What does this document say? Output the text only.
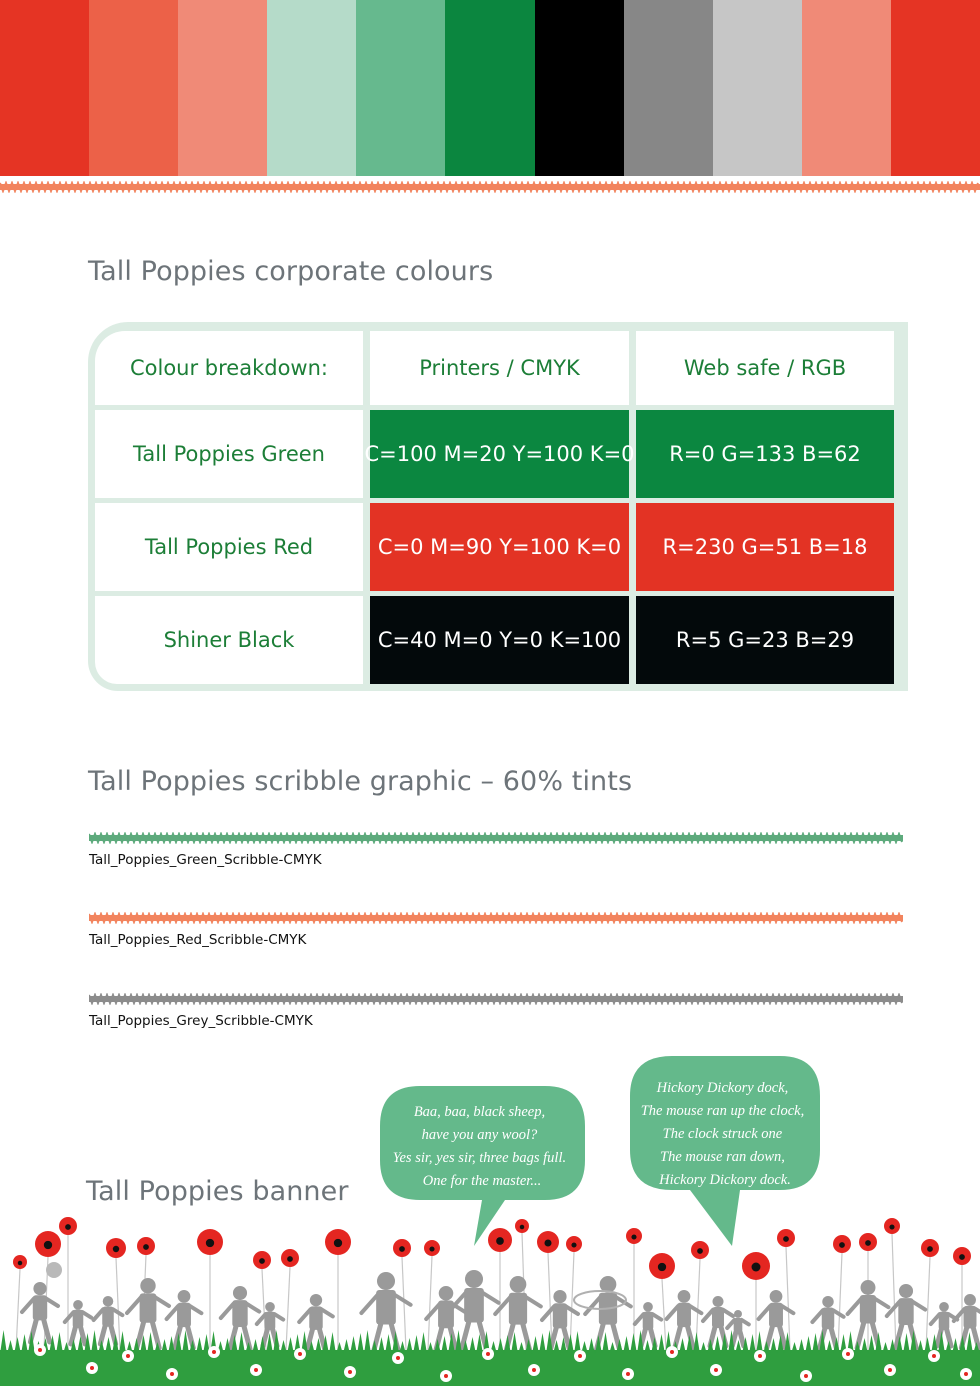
Tall Poppies corporate colours
Colour breakdown:	Printers / CMYK	Web safe / RGB
Tall Poppies Green	C=100 M=20 Y=100 K=0	R=0 G=133 B=62
Tall Poppies Red	C=0 M=90 Y=100 K=0	R=230 G=51 B=18
Shiner Black	C=40 M=0 Y=0 K=100	R=5 G=23 B=29
Tall Poppies scribble graphic – 60% tints

Tall_Poppies_Green_Scribble-CMYK

Tall_Poppies_Red_Scribble-CMYK

Tall_Poppies_Grey_Scribble-CMYK

Tall Poppies banner
Baa, baa, black sheep, have you any wool? Yes sir, yes sir, three bags full. One for the master...
Hickory Dickory dock, The mouse ran up the clock, The clock struck one The mouse ran down, Hickory Dickory dock.
